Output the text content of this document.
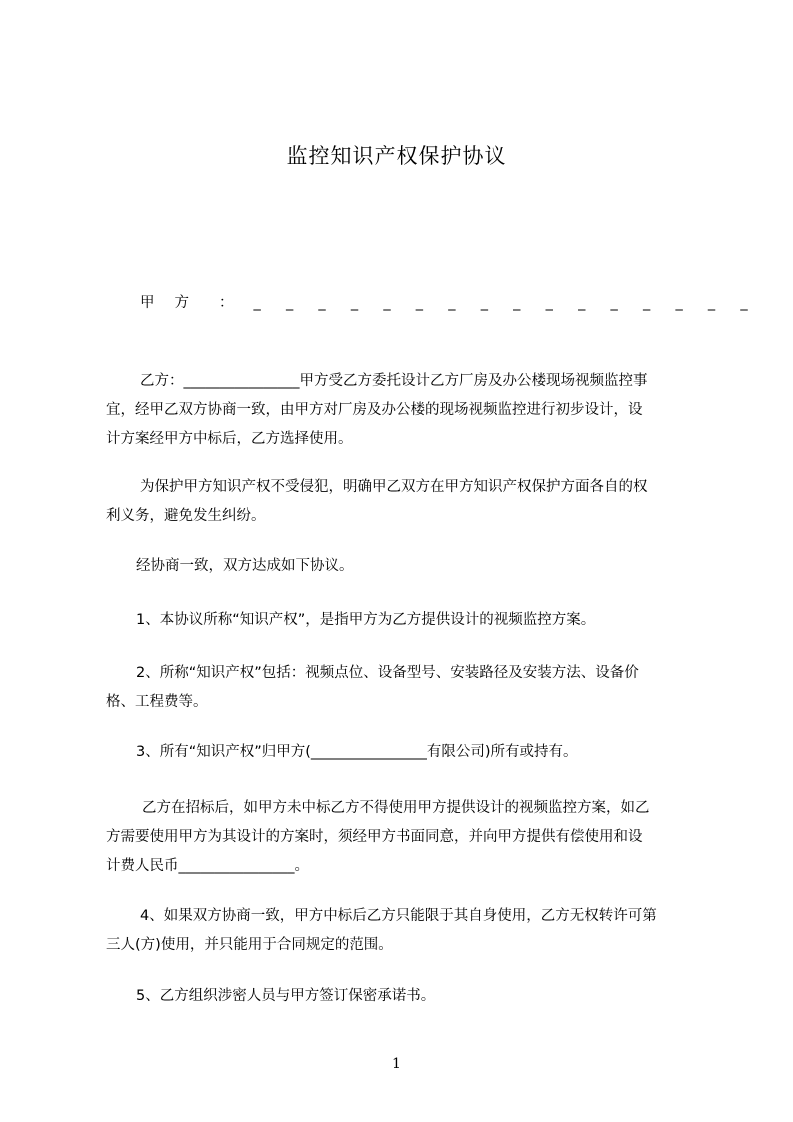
监控知识产权保护协议
甲方 ： _ _ _ _ _ _ _ _ _ _ _ _ _ _ _ _
乙方：________________甲方受乙方委托设计乙方厂房及办公楼现场视频监控事
宜，经甲乙双方协商一致，由甲方对厂房及办公楼的现场视频监控进行初步设计，设
计方案经甲方中标后，乙方选择使用。
为保护甲方知识产权不受侵犯，明确甲乙双方在甲方知识产权保护方面各自的权
利义务，避免发生纠纷。
经协商一致，双方达成如下协议。
1、本协议所称“知识产权”，是指甲方为乙方提供设计的视频监控方案。
2、所称“知识产权”包括：视频点位、设备型号、安装路径及安装方法、设备价
格、工程费等。
3、所有“知识产权”归甲方(________________有限公司)所有或持有。
乙方在招标后，如甲方未中标乙方不得使用甲方提供设计的视频监控方案，如乙
方需要使用甲方为其设计的方案时，须经甲方书面同意，并向甲方提供有偿使用和设
计费人民币________________。
4、如果双方协商一致，甲方中标后乙方只能限于其自身使用，乙方无权转许可第
三人(方)使用，并只能用于合同规定的范围。
5、乙方组织涉密人员与甲方签订保密承诺书。
1
